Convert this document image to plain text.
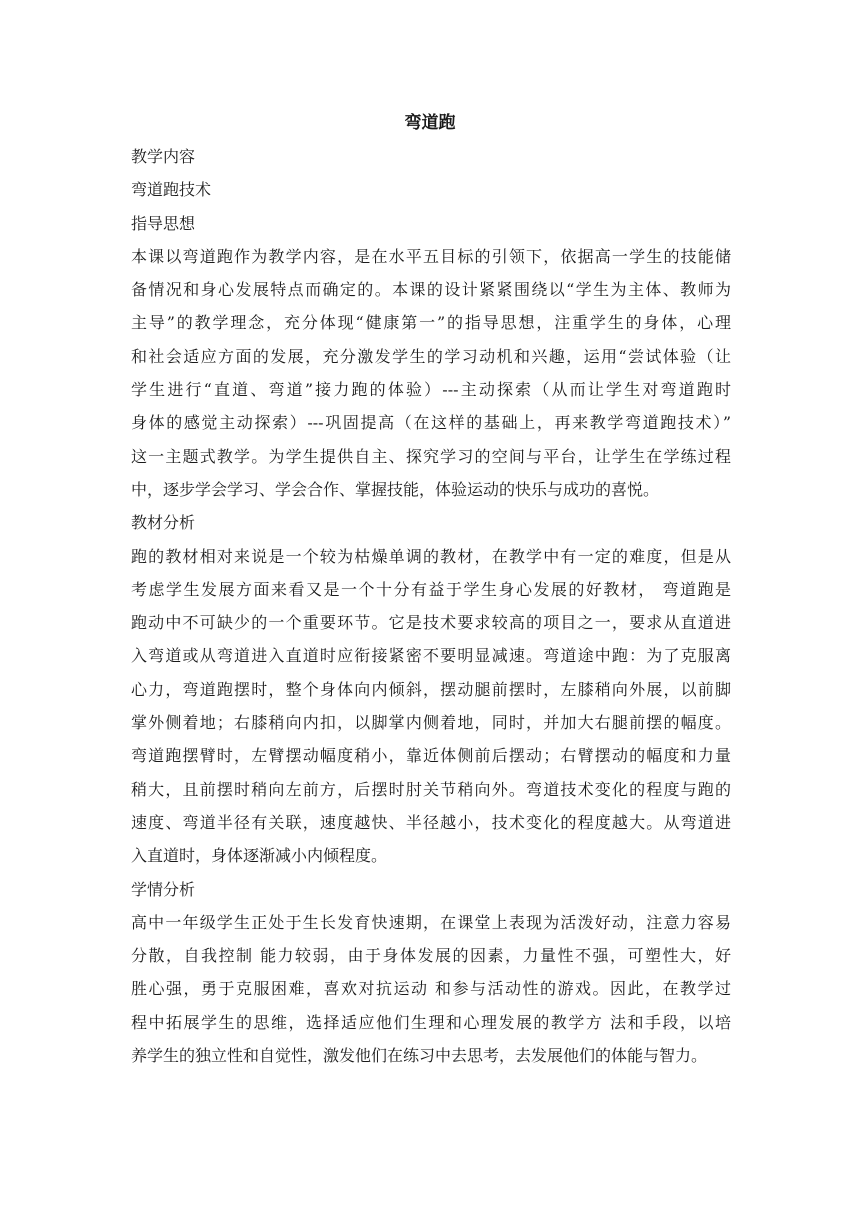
弯道跑
教学内容
弯道跑技术
指导思想
本课以弯道跑作为教学内容，是在水平五目标的引领下，依据高一学生的技能储
备情况和身心发展特点而确定的。本课的设计紧紧围绕以“学生为主体、教师为
主导”的教学理念，充分体现“健康第一”的指导思想，注重学生的身体，心理
和社会适应方面的发展，充分激发学生的学习动机和兴趣，运用“尝试体验（让
学生进行“直道、弯道”接力跑的体验）---主动探索（从而让学生对弯道跑时
身体的感觉主动探索）---巩固提高（在这样的基础上，再来教学弯道跑技术）”
这一主题式教学。为学生提供自主、探究学习的空间与平台，让学生在学练过程
中，逐步学会学习、学会合作、掌握技能，体验运动的快乐与成功的喜悦。
教材分析
跑的教材相对来说是一个较为枯燥单调的教材，在教学中有一定的难度，但是从
考虑学生发展方面来看又是一个十分有益于学生身心发展的好教材， 弯道跑是
跑动中不可缺少的一个重要环节。它是技术要求较高的项目之一，要求从直道进
入弯道或从弯道进入直道时应衔接紧密不要明显减速。弯道途中跑：为了克服离
心力，弯道跑摆时，整个身体向内倾斜，摆动腿前摆时，左膝稍向外展，以前脚
掌外侧着地；右膝稍向内扣，以脚掌内侧着地，同时，并加大右腿前摆的幅度。
弯道跑摆臂时，左臂摆动幅度稍小，靠近体侧前后摆动；右臂摆动的幅度和力量
稍大，且前摆时稍向左前方，后摆时肘关节稍向外。弯道技术变化的程度与跑的
速度、弯道半径有关联，速度越快、半径越小，技术变化的程度越大。从弯道进
入直道时，身体逐渐减小内倾程度。
学情分析
高中一年级学生正处于生长发育快速期，在课堂上表现为活泼好动，注意力容易
分散，自我控制 能力较弱，由于身体发展的因素，力量性不强，可塑性大，好
胜心强，勇于克服困难，喜欢对抗运动 和参与活动性的游戏。因此，在教学过
程中拓展学生的思维，选择适应他们生理和心理发展的教学方 法和手段，以培
养学生的独立性和自觉性，激发他们在练习中去思考，去发展他们的体能与智力。
